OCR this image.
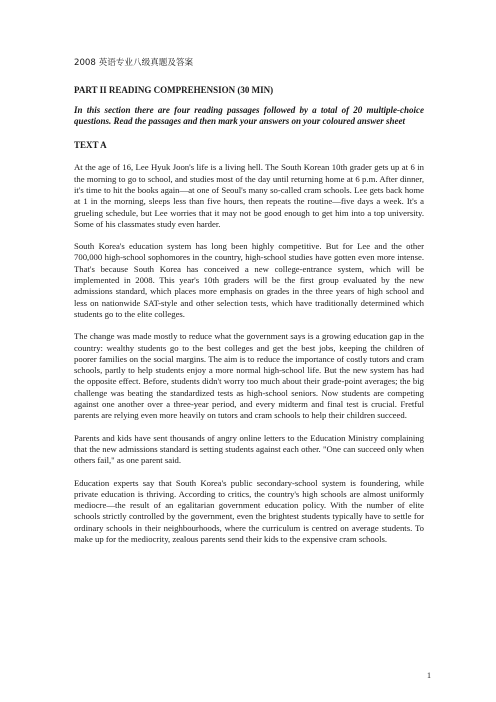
2008 英语专业八级真题及答案
PART II READING COMPREHENSION (30 MIN)
In this section there are four reading passages followed by a total of 20 multiple-choice questions. Read the passages and then mark your answers on your coloured answer sheet
TEXT A

At the age of 16, Lee Hyuk Joon's life is a living hell. The South Korean 10th grader gets up at 6 in the morning to go to school, and studies most of the day until returning home at 6 p.m. After dinner, it's time to hit the books again—at one of Seoul's many so-called cram schools. Lee gets back home at 1 in the morning, sleeps less than five hours, then repeats the routine—five days a week. It's a grueling schedule, but Lee worries that it may not be good enough to get him into a top university. Some of his classmates study even harder.

South Korea's education system has long been highly competitive. But for Lee and the other 700,000 high-school sophomores in the country, high-school studies have gotten even more intense. That's because South Korea has conceived a new college-entrance system, which will be implemented in 2008. This year's 10th graders will be the first group evaluated by the new admissions standard, which places more emphasis on grades in the three years of high school and less on nationwide SAT-style and other selection tests, which have traditionally determined which students go to the elite colleges.

The change was made mostly to reduce what the government says is a growing education gap in the country: wealthy students go to the best colleges and get the best jobs, keeping the children of poorer families on the social margins. The aim is to reduce the importance of costly tutors and cram schools, partly to help students enjoy a more normal high-school life. But the new system has had the opposite effect. Before, students didn't worry too much about their grade-point averages; the big challenge was beating the standardized tests as high-school seniors. Now students are competing against one another over a three-year period, and every midterm and final test is crucial. Fretful parents are relying even more heavily on tutors and cram schools to help their children succeed.

Parents and kids have sent thousands of angry online letters to the Education Ministry complaining that the new admissions standard is setting students against each other. "One can succeed only when others fail," as one parent said.

Education experts say that South Korea's public secondary-school system is foundering, while private education is thriving. According to critics, the country's high schools are almost uniformly mediocre—the result of an egalitarian government education policy. With the number of elite schools strictly controlled by the government, even the brightest students typically have to settle for ordinary schools in their neighbourhoods, where the curriculum is centred on average students. To make up for the mediocrity, zealous parents send their kids to the expensive cram schools.

1
